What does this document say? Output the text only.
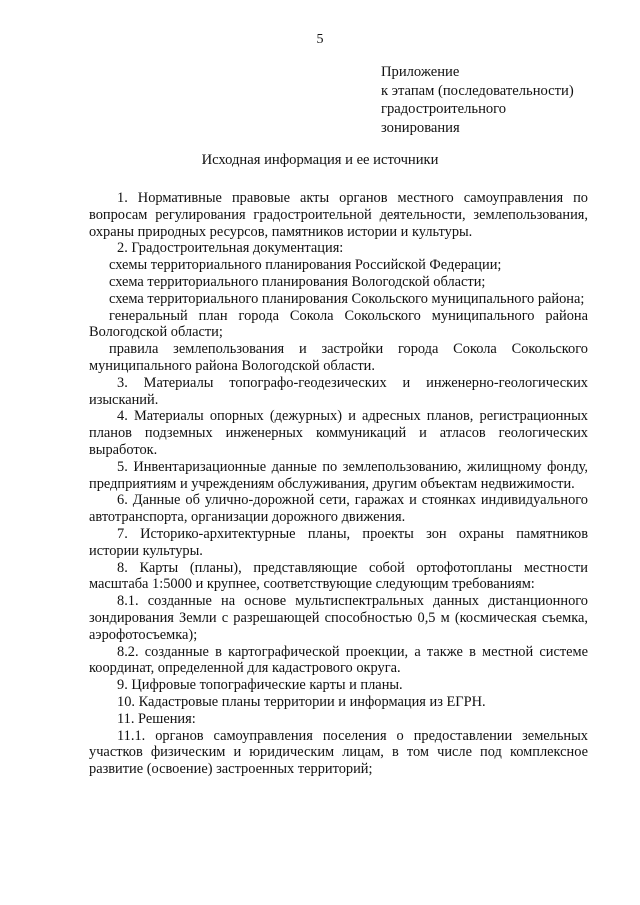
5
Приложение
к этапам (последовательности)
градостроительного
зонирования
Исходная информация и ее источники
1. Нормативные правовые акты органов местного самоуправления по вопросам регулирования градостроительной деятельности, землепользования, охраны природных ресурсов, памятников истории и культуры.
2. Градостроительная документация:
схемы территориального планирования Российской Федерации;
схема территориального планирования Вологодской области;
схема территориального планирования Сокольского муниципального района;
генеральный план города Сокола Сокольского муниципального района Вологодской области;
правила землепользования и застройки города Сокола Сокольского муниципального района Вологодской области.
3. Материалы топографо-геодезических и инженерно-геологических изысканий.
4. Материалы опорных (дежурных) и адресных планов, регистрационных планов подземных инженерных коммуникаций и атласов геологических выработок.
5. Инвентаризационные данные по землепользованию, жилищному фонду, предприятиям и учреждениям обслуживания, другим объектам недвижимости.
6. Данные об улично-дорожной сети, гаражах и стоянках индивидуального автотранспорта, организации дорожного движения.
7. Историко-архитектурные планы, проекты зон охраны памятников истории культуры.
8. Карты (планы), представляющие собой ортофотопланы местности масштаба 1:5000 и крупнее, соответствующие следующим требованиям:
8.1. созданные на основе мультиспектральных данных дистанционного зондирования Земли с разрешающей способностью 0,5 м (космическая съемка, аэрофотосъемка);
8.2. созданные в картографической проекции, а также в местной системе координат, определенной для кадастрового округа.
9. Цифровые топографические карты и планы.
10. Кадастровые планы территории и информация из ЕГРН.
11. Решения:
11.1. органов самоуправления поселения о предоставлении земельных участков физическим и юридическим лицам, в том числе под комплексное развитие (освоение) застроенных территорий;
